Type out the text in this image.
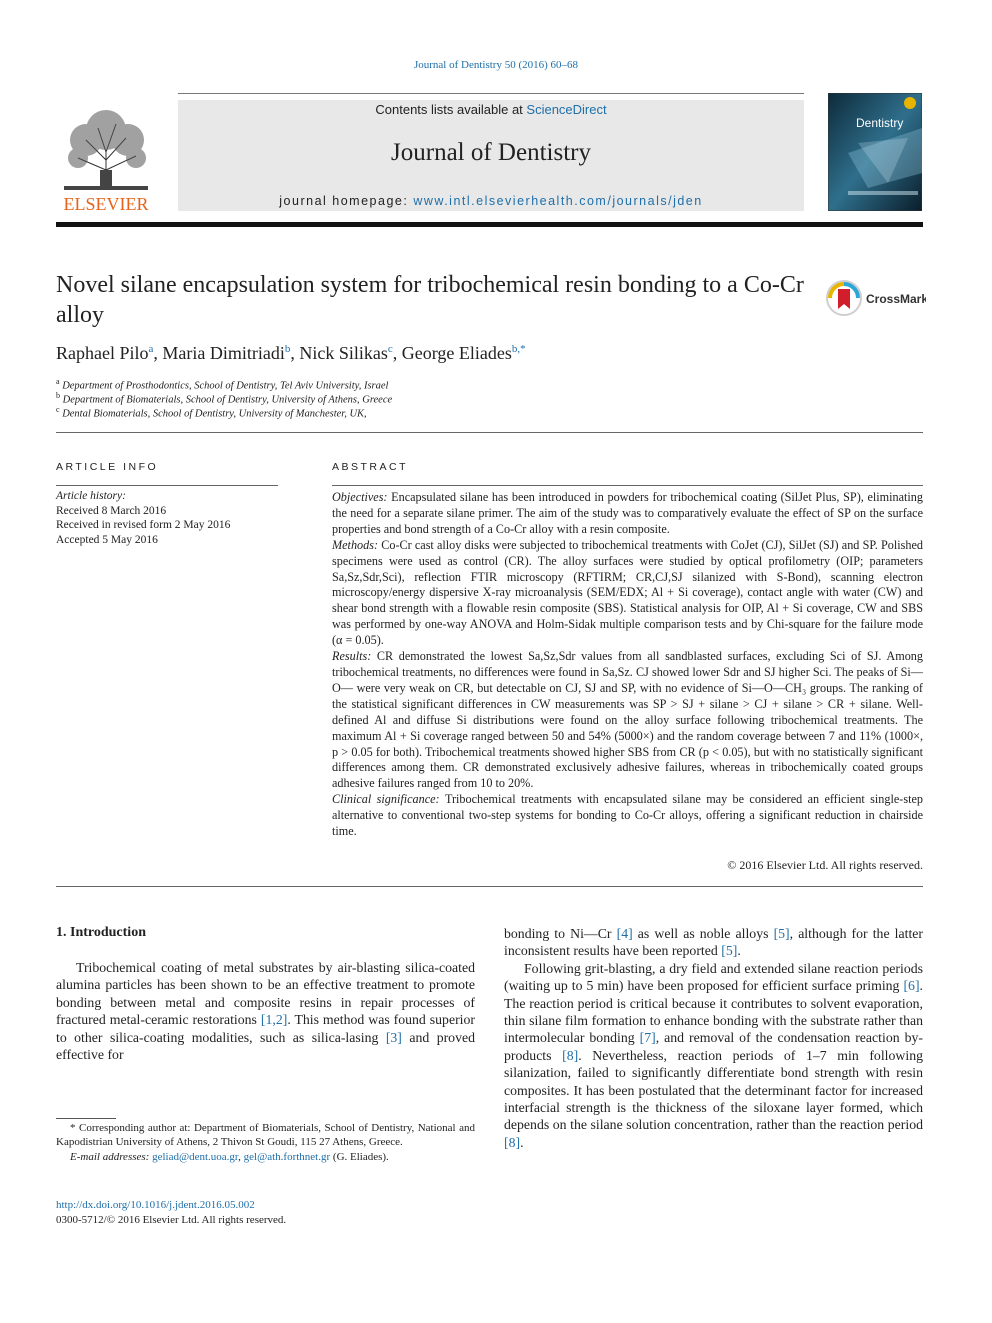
Journal of Dentistry 50 (2016) 60–68
ELSEVIER
Contents lists available at ScienceDirect
Journal of Dentistry
journal homepage: www.intl.elsevierhealth.com/journals/jden
Dentistry
Novel silane encapsulation system for tribochemical resin bonding to a Co-Cr alloy
CrossMark
Raphael Pilo$^a$, Maria Dimitriadi$^b$, Nick Silikas$^c$, George Eliades$^{b,*}$
$^a$ Department of Prosthodontics, School of Dentistry, Tel Aviv University, Israel
$^b$ Department of Biomaterials, School of Dentistry, University of Athens, Greece
$^c$ Dental Biomaterials, School of Dentistry, University of Manchester, UK,
ARTICLE INFO
Article history:
Received 8 March 2016
Received in revised form 2 May 2016
Accepted 5 May 2016
ABSTRACT

Objectives: Encapsulated silane has been introduced in powders for tribochemical coating (SilJet Plus, SP), eliminating the need for a separate silane primer. The aim of the study was to comparatively evaluate the effect of SP on the surface properties and bond strength of a Co-Cr alloy with a resin composite.

Methods: Co-Cr cast alloy disks were subjected to tribochemical treatments with CoJet (CJ), SilJet (SJ) and SP. Polished specimens were used as control (CR). The alloy surfaces were studied by optical profilometry (OIP; parameters Sa,Sz,Sdr,Sci), reflection FTIR microscopy (RFTIRM; CR,CJ,SJ silanized with S-Bond), scanning electron microscopy/energy dispersive X-ray microanalysis (SEM/EDX; Al + Si coverage), contact angle with water (CW) and shear bond strength with a flowable resin composite (SBS). Statistical analysis for OIP, Al + Si coverage, CW and SBS was performed by one-way ANOVA and Holm-Sidak multiple comparison tests and by Chi-square for the failure mode (α = 0.05).

Results: CR demonstrated the lowest Sa,Sz,Sdr values from all sandblasted surfaces, excluding Sci of SJ. Among tribochemical treatments, no differences were found in Sa,Sz. CJ showed lower Sdr and SJ higher Sci. The peaks of Si—O— were very weak on CR, but detectable on CJ, SJ and SP, with no evidence of Si—O—CH₃ groups. The ranking of the statistical significant differences in CW measurements was SP > SJ + silane > CJ + silane > CR + silane. Well-defined Al and diffuse Si distributions were found on the alloy surface following tribochemical treatments. The maximum Al + Si coverage ranged between 50 and 54% (5000×) and the random coverage between 7 and 11% (1000×, p > 0.05 for both). Tribochemical treatments showed higher SBS from CR (p < 0.05), but with no statistically significant differences among them. CR demonstrated exclusively adhesive failures, whereas in tribochemically coated groups adhesive failures ranged from 10 to 20%.

Clinical significance: Tribochemical treatments with encapsulated silane may be considered an efficient single-step alternative to conventional two-step systems for bonding to Co-Cr alloys, offering a significant reduction in chairside time.

© 2016 Elsevier Ltd. All rights reserved.
1. Introduction

Tribochemical coating of metal substrates by air-blasting silica-coated alumina particles has been shown to be an effective treatment to promote bonding between metal and composite resins in repair processes of fractured metal-ceramic restorations [1,2]. This method was found superior to other silica-coating modalities, such as silica-lasing [3] and proved effective for

bonding to Ni—Cr [4] as well as noble alloys [5], although for the latter inconsistent results have been reported [5].

Following grit-blasting, a dry field and extended silane reaction periods (waiting up to 5 min) have been proposed for efficient surface priming [6]. The reaction period is critical because it contributes to solvent evaporation, thin silane film formation to enhance bonding with the substrate rather than intermolecular bonding [7], and removal of the condensation reaction by-products [8]. Nevertheless, reaction periods of 1–7 min following silanization, failed to significantly differentiate bond strength with resin composites. It has been postulated that the determinant factor for increased interfacial strength is the thickness of the siloxane layer formed, which depends on the silane solution concentration, rather than the reaction period [8].

* Corresponding author at: Department of Biomaterials, School of Dentistry, National and Kapodistrian University of Athens, 2 Thivon St Goudi, 115 27 Athens, Greece.

E-mail addresses: geliad@dent.uoa.gr, gel@ath.forthnet.gr (G. Eliades).

http://dx.doi.org/10.1016/j.jdent.2016.05.002
0300-5712/© 2016 Elsevier Ltd. All rights reserved.
